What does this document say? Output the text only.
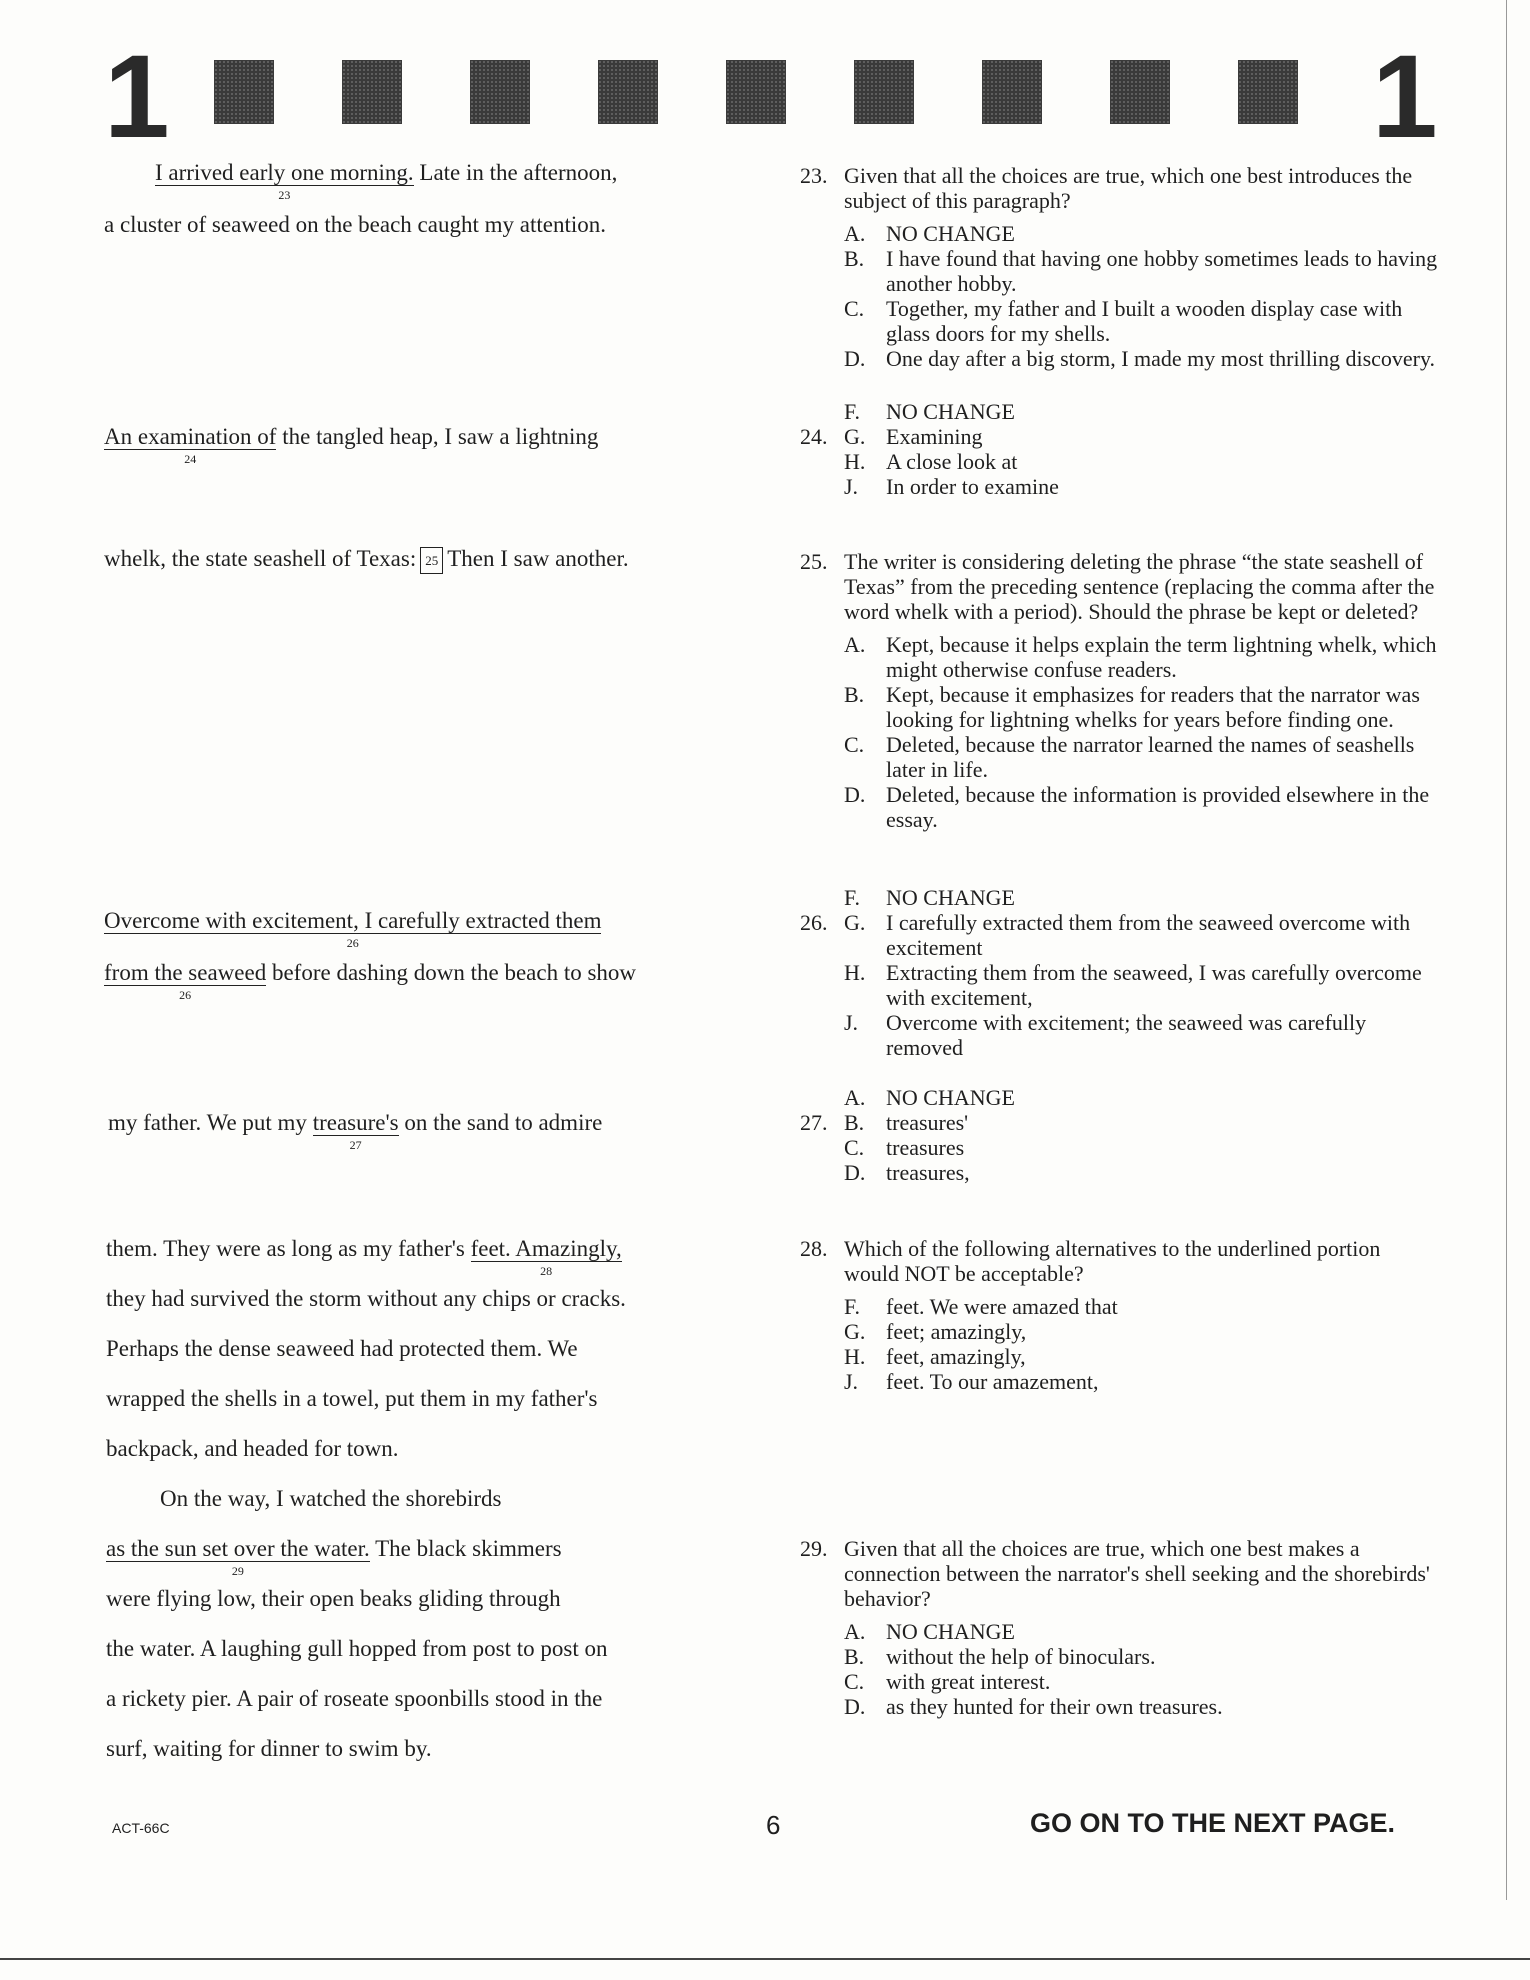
1	1
I arrived early one morning.
23
Late in the afternoon,
a cluster of seaweed on the beach caught my attention.
An examination of
24
the tangled heap, I saw a lightning
whelk, the state seashell of Texas: 25 Then I saw another.
Overcome with excitement, I carefully extracted them
26
from the seaweed
26
before dashing down the beach to show
my father. We put my treasure's
27
on the sand to admire
them. They were as long as my father's feet. Amazingly,
28
they had survived the storm without any chips or cracks.
Perhaps the dense seaweed had protected them. We
wrapped the shells in a towel, put them in my father's
backpack, and headed for town.
On the way, I watched the shorebirds
as the sun set over the water.
29
The black skimmers
were flying low, their open beaks gliding through
the water. A laughing gull hopped from post to post on
a rickety pier. A pair of roseate spoonbills stood in the
surf, waiting for dinner to swim by.
23. Given that all the choices are true, which one best introduces the subject of this paragraph?
A. NO CHANGE
B. I have found that having one hobby sometimes leads to having another hobby.
C. Together, my father and I built a wooden display case with glass doors for my shells.
D. One day after a big storm, I made my most thrilling discovery.
24.
F. NO CHANGE
G. Examining
H. A close look at
J. In order to examine
25. The writer is considering deleting the phrase “the state seashell of Texas” from the preceding sentence (replacing the comma after the word whelk with a period). Should the phrase be kept or deleted?
A. Kept, because it helps explain the term lightning whelk, which might otherwise confuse readers.
B. Kept, because it emphasizes for readers that the narrator was looking for lightning whelks for years before finding one.
C. Deleted, because the narrator learned the names of seashells later in life.
D. Deleted, because the information is provided elsewhere in the essay.
26.
F. NO CHANGE
G. I carefully extracted them from the seaweed overcome with excitement
H. Extracting them from the seaweed, I was carefully overcome with excitement,
J. Overcome with excitement; the seaweed was carefully removed
27.
A. NO CHANGE
B. treasures'
C. treasures
D. treasures,
28. Which of the following alternatives to the underlined portion would NOT be acceptable?
F. feet. We were amazed that
G. feet; amazingly,
H. feet, amazingly,
J. feet. To our amazement,
29. Given that all the choices are true, which one best makes a connection between the narrator's shell seeking and the shorebirds' behavior?
A. NO CHANGE
B. without the help of binoculars.
C. with great interest.
D. as they hunted for their own treasures.
ACT-66C	6	GO ON TO THE NEXT PAGE.
